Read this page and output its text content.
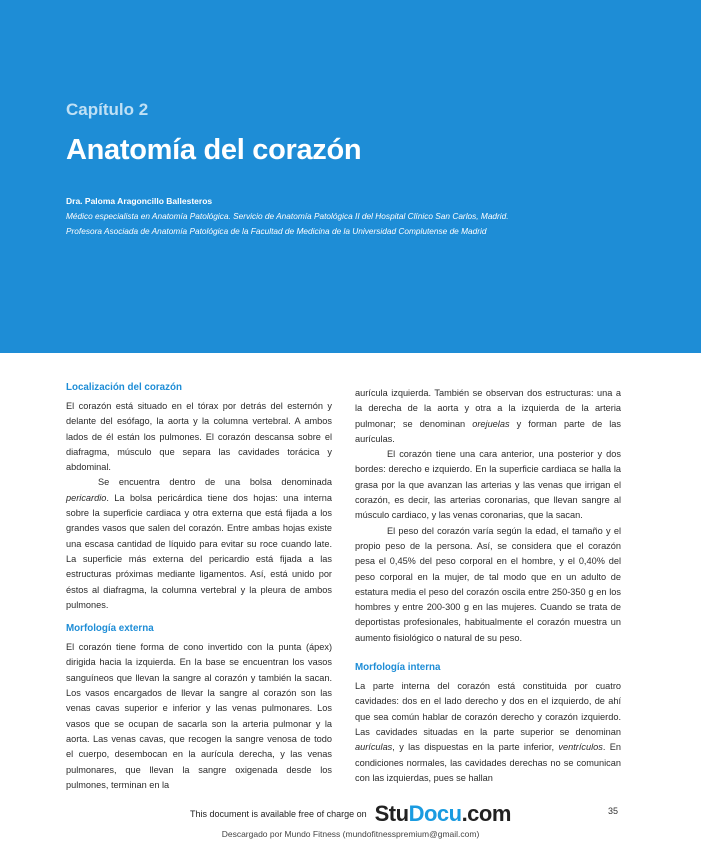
Capítulo 2
Anatomía del corazón
Dra. Paloma Aragoncillo Ballesteros
Médico especialista en Anatomía Patológica. Servicio de Anatomía Patológica II del Hospital Clínico San Carlos, Madrid.
Profesora Asociada de Anatomía Patológica de la Facultad de Medicina de la Universidad Complutense de Madrid
Localización del corazón

El corazón está situado en el tórax por detrás del esternón y delante del esófago, la aorta y la columna vertebral. A ambos lados de él están los pulmones. El corazón descansa sobre el diafragma, músculo que separa las cavidades torácica y abdominal.

Se encuentra dentro de una bolsa denominada pericardio. La bolsa pericárdica tiene dos hojas: una interna sobre la superficie cardiaca y otra externa que está fijada a los grandes vasos que salen del corazón. Entre ambas hojas existe una escasa cantidad de líquido para evitar su roce cuando late. La superficie más externa del pericardio está fijada a las estructuras próximas mediante ligamentos. Así, está unido por éstos al diafragma, la columna vertebral y la pleura de ambos pulmones.

Morfología externa

El corazón tiene forma de cono invertido con la punta (ápex) dirigida hacia la izquierda. En la base se encuentran los vasos sanguíneos que llevan la sangre al corazón y también la sacan. Los vasos encargados de llevar la sangre al corazón son las venas cavas superior e inferior y las venas pulmonares. Los vasos que se ocupan de sacarla son la arteria pulmonar y la aorta. Las venas cavas, que recogen la sangre venosa de todo el cuerpo, desembocan en la aurícula derecha, y las venas pulmonares, que llevan la sangre oxigenada desde los pulmones, terminan en la

aurícula izquierda. También se observan dos estructuras: una a la derecha de la aorta y otra a la izquierda de la arteria pulmonar; se denominan orejuelas y forman parte de las aurículas.

El corazón tiene una cara anterior, una posterior y dos bordes: derecho e izquierdo. En la superficie cardiaca se halla la grasa por la que avanzan las arterias y las venas que irrigan el corazón, es decir, las arterias coronarias, que llevan sangre al músculo cardiaco, y las venas coronarias, que la sacan.

El peso del corazón varía según la edad, el tamaño y el propio peso de la persona. Así, se considera que el corazón pesa el 0,45% del peso corporal en el hombre, y el 0,40% del peso corporal en la mujer, de tal modo que en un adulto de estatura media el peso del corazón oscila entre 250-350 g en los hombres y entre 200-300 g en las mujeres. Cuando se trata de deportistas profesionales, habitualmente el corazón muestra un aumento fisiológico o natural de su peso.

Morfología interna

La parte interna del corazón está constituida por cuatro cavidades: dos en el lado derecho y dos en el izquierdo, de ahí que sea común hablar de corazón derecho y corazón izquierdo. Las cavidades situadas en la parte superior se denominan aurículas, y las dispuestas en la parte inferior, ventrículos. En condiciones normales, las cavidades derechas no se comunican con las izquierdas, pues se hallan

This document is available free of charge on StuDocu.com	35
Descargado por Mundo Fitness (mundofitnesspremium@gmail.com)
